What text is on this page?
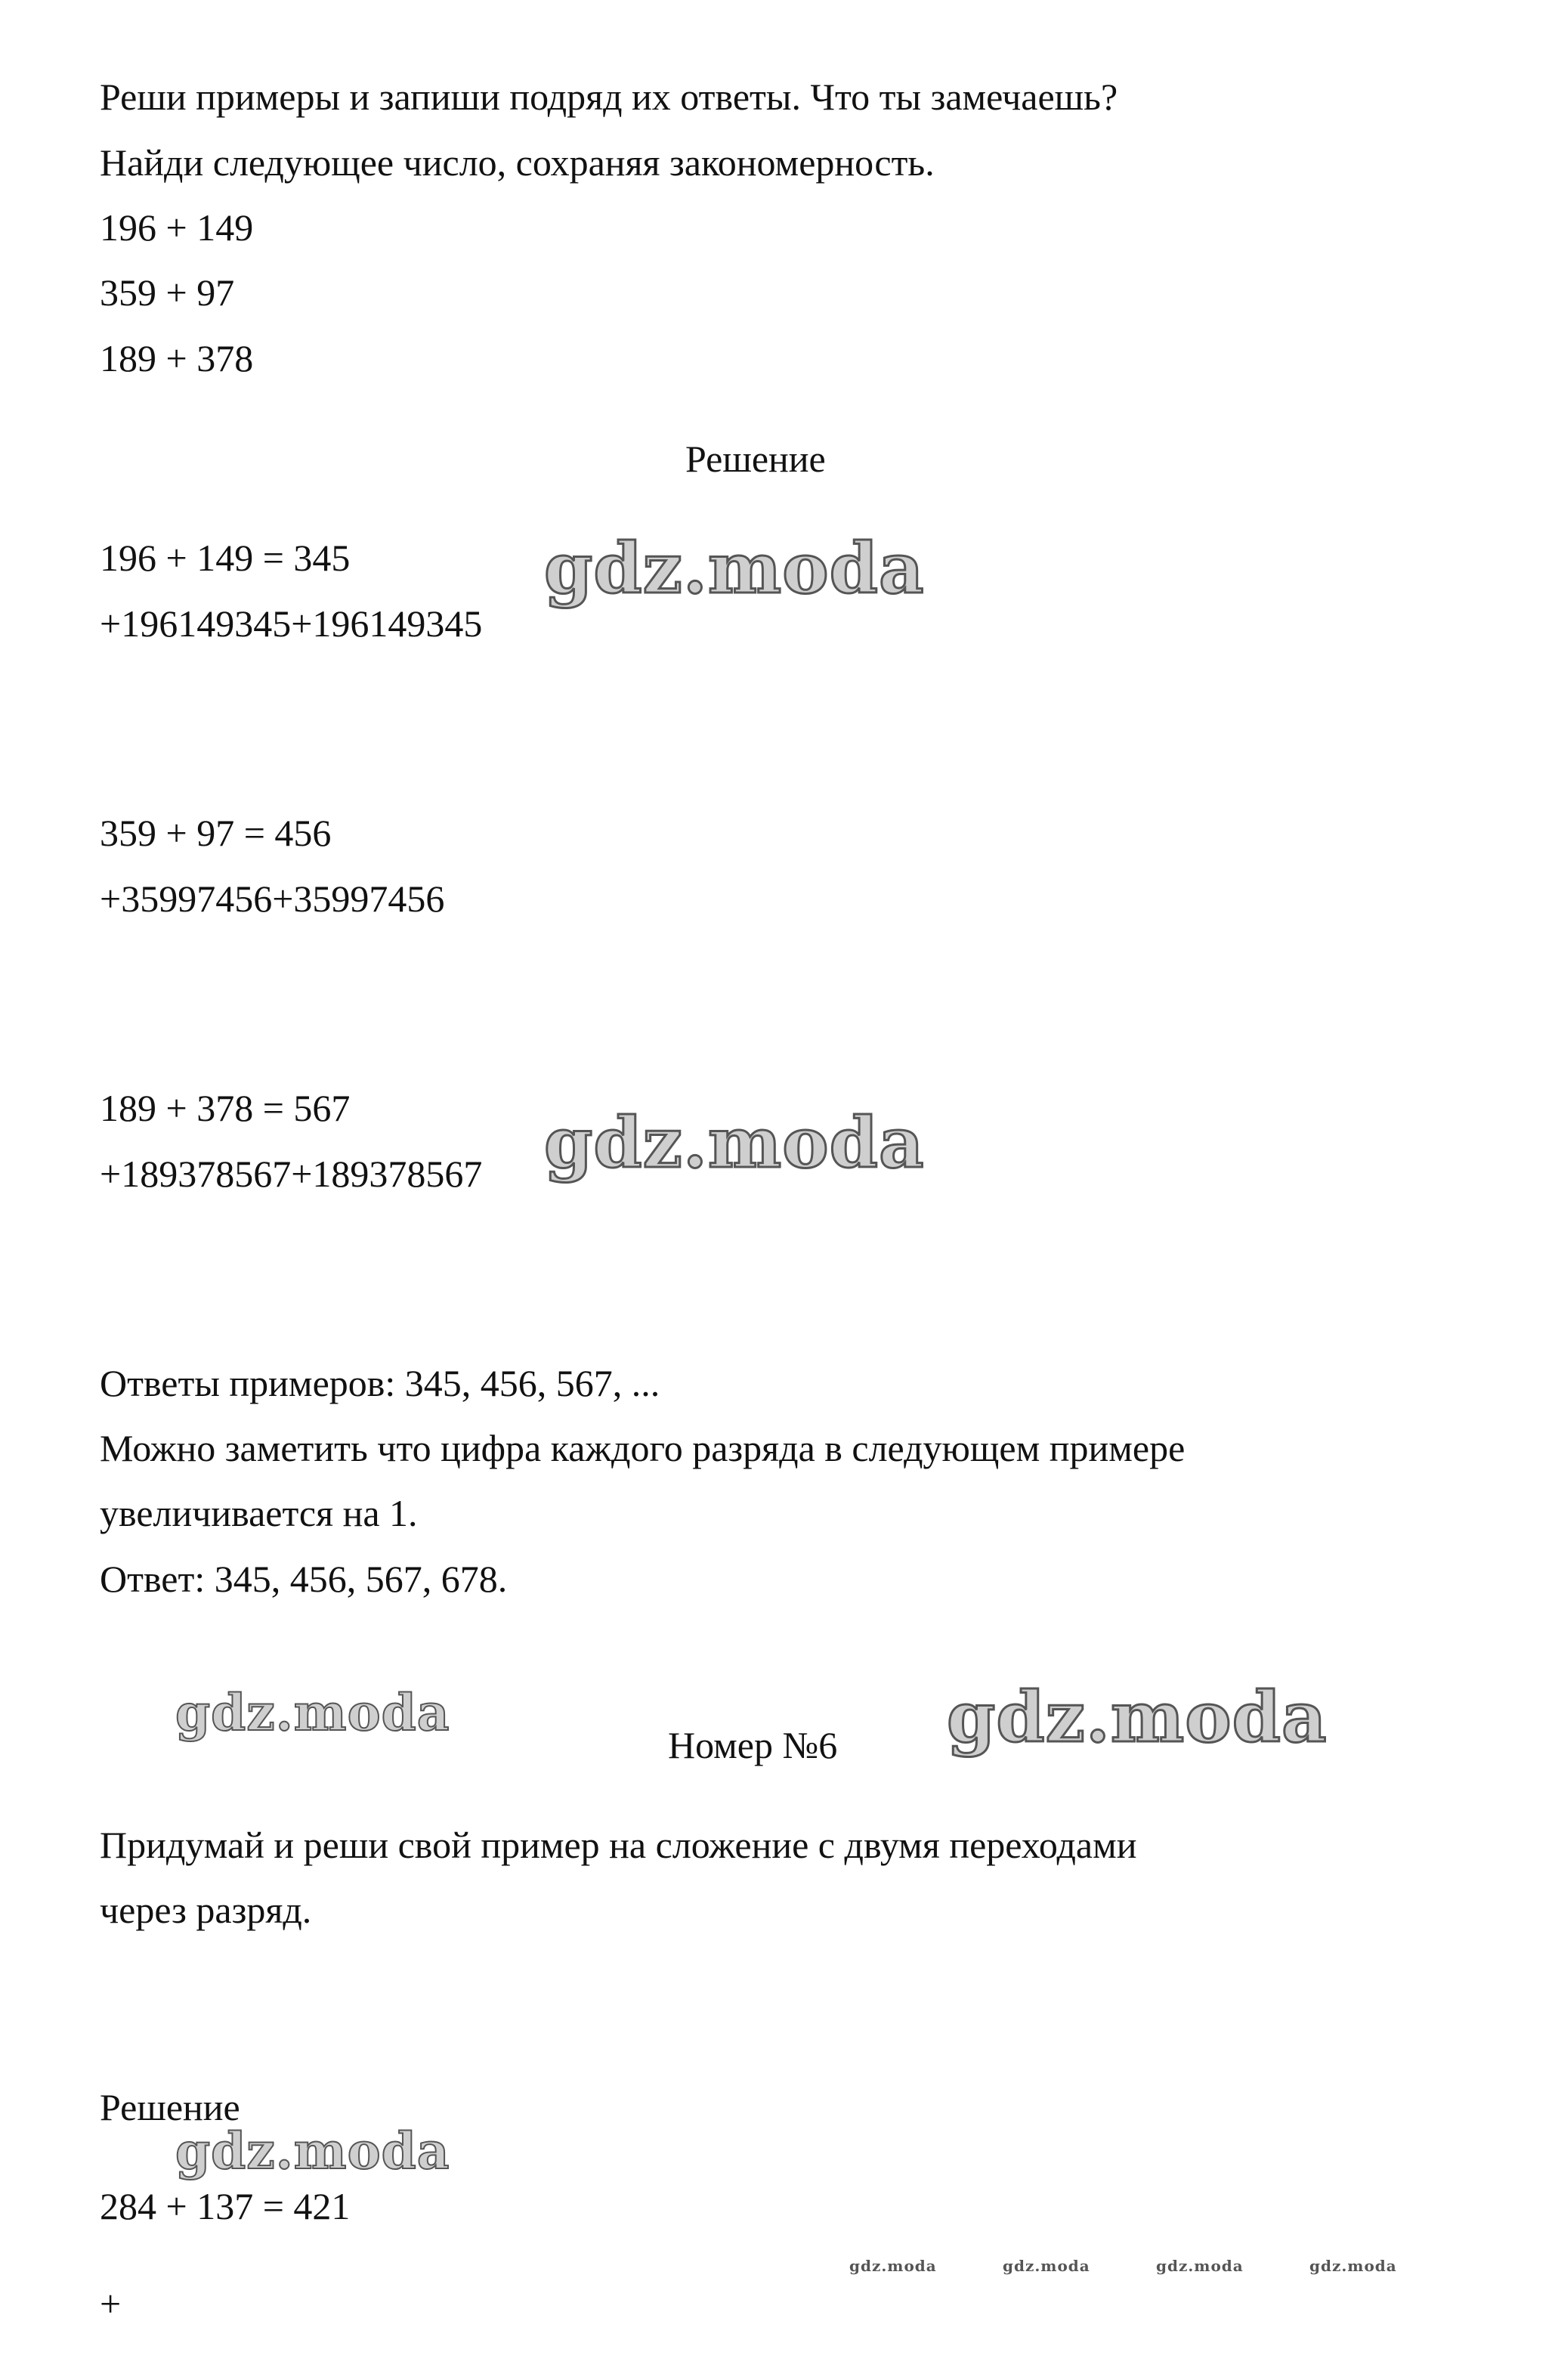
Реши примеры и запиши подряд их ответы. Что ты замечаешь?
Найди следующее число, сохраняя закономерность.
196 + 149
359 + 97
189 + 378
Решение
196 + 149 = 345
+196149345+196149345
359 + 97 = 456
+35997456+35997456
189 + 378 = 567
+189378567+189378567
Ответы примеров: 345, 456, 567, ...
Можно заметить что цифра каждого разряда в следующем примере
увеличивается на 1.
Ответ: 345, 456, 567, 678.
Номер №6
Придумай и реши свой пример на сложение с двумя переходами
через разряд.
Решение
284 + 137 = 421
+
gdz.moda
gdz.moda
gdz.moda	gdz.moda
gdz.moda
gdz.moda	gdz.moda	gdz.moda	gdz.moda
